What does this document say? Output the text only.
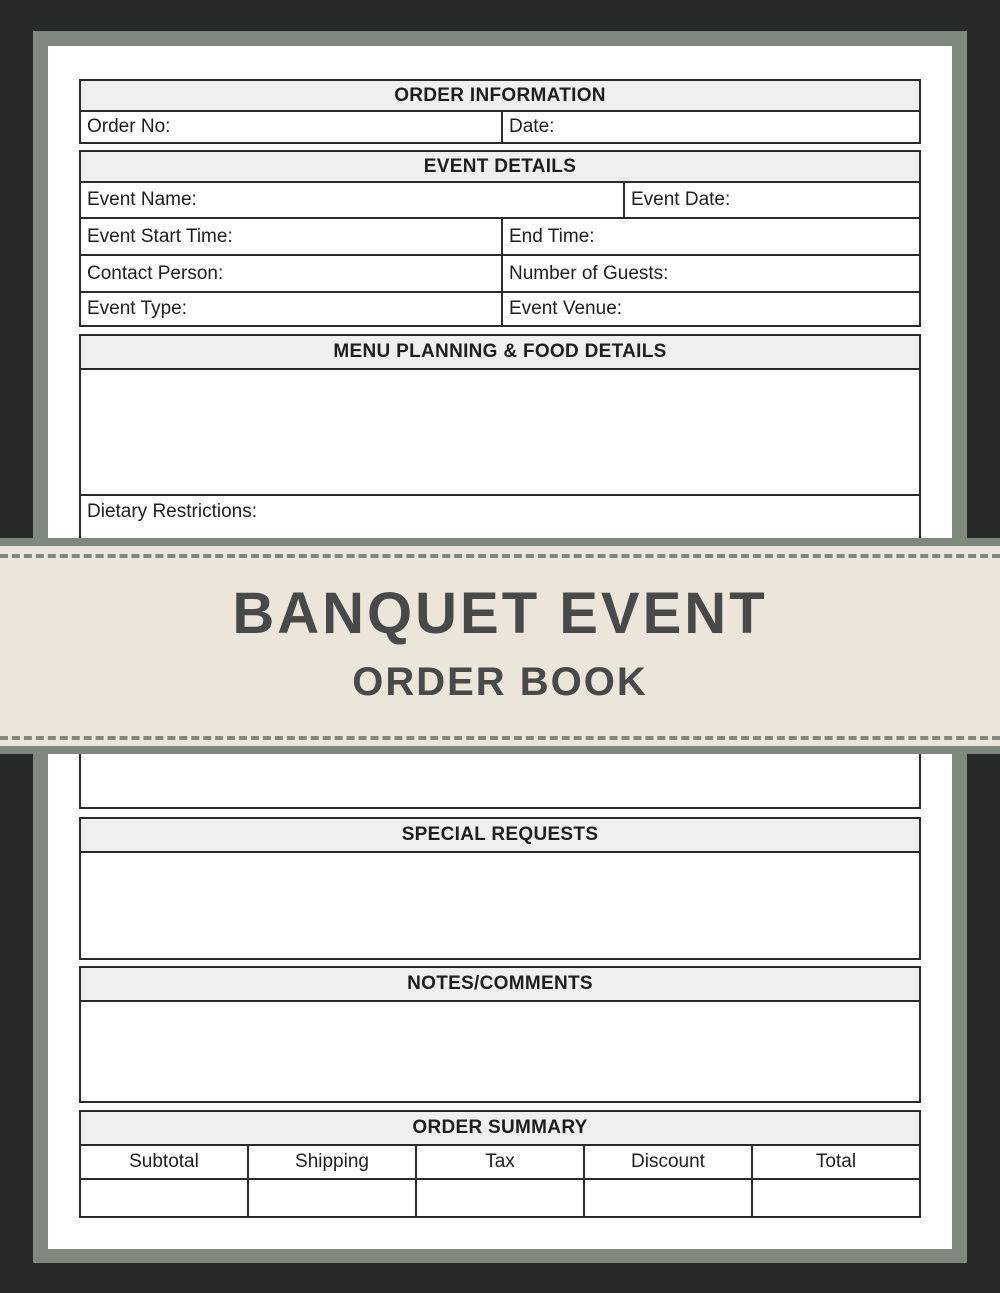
ORDER INFORMATION
Order No:	Date:
EVENT DETAILS
Event Name:	Event Date:
Event Start Time:	End Time:
Contact Person:	Number of Guests:
Event Type:	Event Venue:
MENU PLANNING & FOOD DETAILS
Dietary Restrictions:
BANQUET EVENT
ORDER BOOK
SPECIAL REQUESTS
NOTES/COMMENTS
ORDER SUMMARY
Subtotal	Shipping	Tax	Discount	Total
